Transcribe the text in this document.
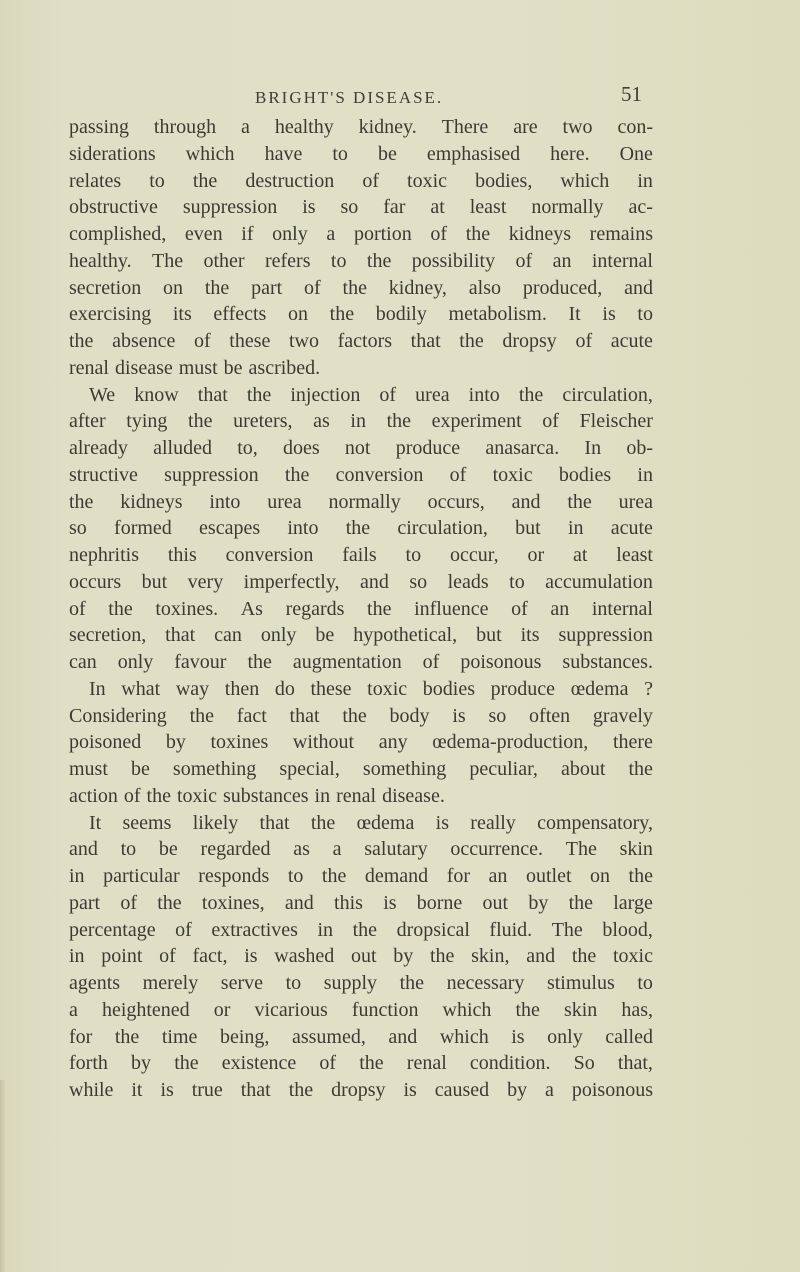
BRIGHT'S DISEASE.	51
passing through a healthy kidney. There are two con-
siderations which have to be emphasised here. One
relates to the destruction of toxic bodies, which in
obstructive suppression is so far at least normally ac-
complished, even if only a portion of the kidneys remains
healthy. The other refers to the possibility of an internal
secretion on the part of the kidney, also produced, and
exercising its effects on the bodily metabolism. It is to
the absence of these two factors that the dropsy of acute
renal disease must be ascribed.
We know that the injection of urea into the circulation,
after tying the ureters, as in the experiment of Fleischer
already alluded to, does not produce anasarca. In ob-
structive suppression the conversion of toxic bodies in
the kidneys into urea normally occurs, and the urea
so formed escapes into the circulation, but in acute
nephritis this conversion fails to occur, or at least
occurs but very imperfectly, and so leads to accumulation
of the toxines. As regards the influence of an internal
secretion, that can only be hypothetical, but its suppression
can only favour the augmentation of poisonous substances.
In what way then do these toxic bodies produce œdema ?
Considering the fact that the body is so often gravely
poisoned by toxines without any œdema-production, there
must be something special, something peculiar, about the
action of the toxic substances in renal disease.
It seems likely that the œdema is really compensatory,
and to be regarded as a salutary occurrence. The skin
in particular responds to the demand for an outlet on the
part of the toxines, and this is borne out by the large
percentage of extractives in the dropsical fluid. The blood,
in point of fact, is washed out by the skin, and the toxic
agents merely serve to supply the necessary stimulus to
a heightened or vicarious function which the skin has,
for the time being, assumed, and which is only called
forth by the existence of the renal condition. So that,
while it is true that the dropsy is caused by a poisonous
